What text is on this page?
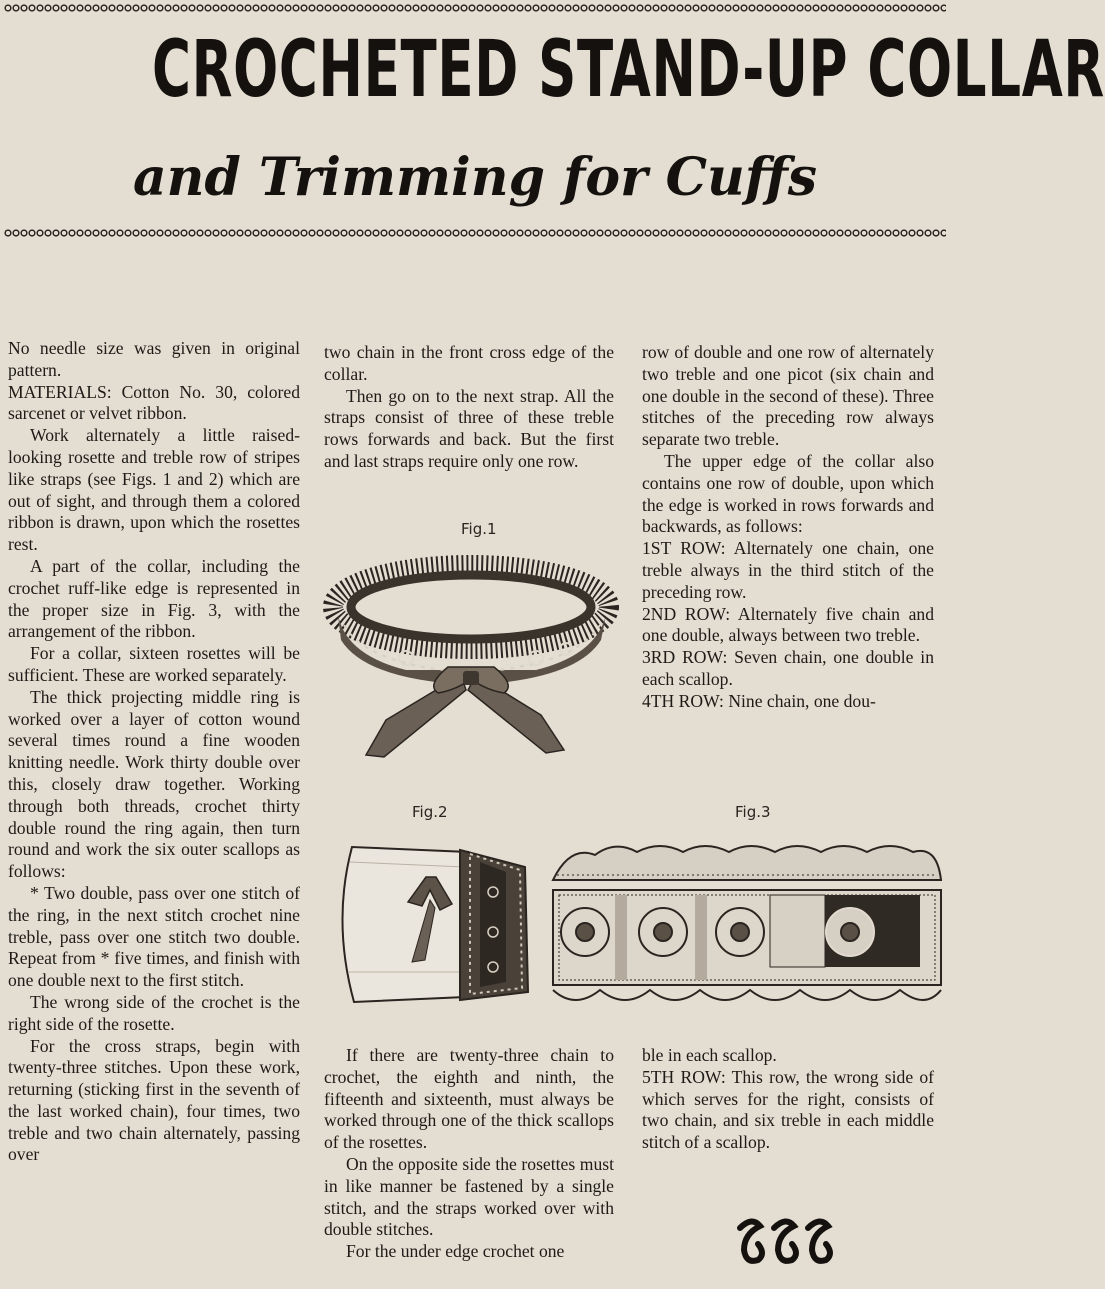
CROCHETED STAND-UP COLLAR
and Trimming for Cuffs

No needle size was given in original pattern.

MATERIALS: Cotton No. 30, colored sarcenet or velvet ribbon.

Work alternately a little raised-looking rosette and treble row of stripes like straps (see Figs. 1 and 2) which are out of sight, and through them a colored ribbon is drawn, upon which the rosettes rest.

A part of the collar, including the crochet ruff-like edge is represented in the proper size in Fig. 3, with the arrangement of the ribbon.

For a collar, sixteen rosettes will be sufficient. These are worked separately.

The thick projecting middle ring is worked over a layer of cotton wound several times round a fine wooden knitting needle. Work thirty double over this, closely draw together. Working through both threads, crochet thirty double round the ring again, then turn round and work the six outer scallops as follows:

* Two double, pass over one stitch of the ring, in the next stitch crochet nine treble, pass over one stitch two double. Repeat from * five times, and finish with one double next to the first stitch.

The wrong side of the crochet is the right side of the rosette.

For the cross straps, begin with twenty-three stitches. Upon these work, returning (sticking first in the seventh of the last worked chain), four times, two treble and two chain alternately, passing over

two chain in the front cross edge of the collar.

Then go on to the next strap. All the straps consist of three of these treble rows forwards and back. But the first and last straps require only one row.

Fig.1
Fig.2	Fig.3

If there are twenty-three chain to crochet, the eighth and ninth, the fifteenth and sixteenth, must always be worked through one of the thick scallops of the rosettes.

On the opposite side the rosettes must in like manner be fastened by a single stitch, and the straps worked over with double stitches.

For the under edge crochet one

row of double and one row of alternately two treble and one picot (six chain and one double in the second of these). Three stitches of the preceding row always separate two treble.

The upper edge of the collar also contains one row of double, upon which the edge is worked in rows forwards and backwards, as follows:

1ST ROW: Alternately one chain, one treble always in the third stitch of the preceding row.

2ND ROW: Alternately five chain and one double, always between two treble.

3RD ROW: Seven chain, one double in each scallop.

4TH ROW: Nine chain, one dou-

ble in each scallop.

5TH ROW: This row, the wrong side of which serves for the right, consists of two chain, and six treble in each middle stitch of a scallop.
